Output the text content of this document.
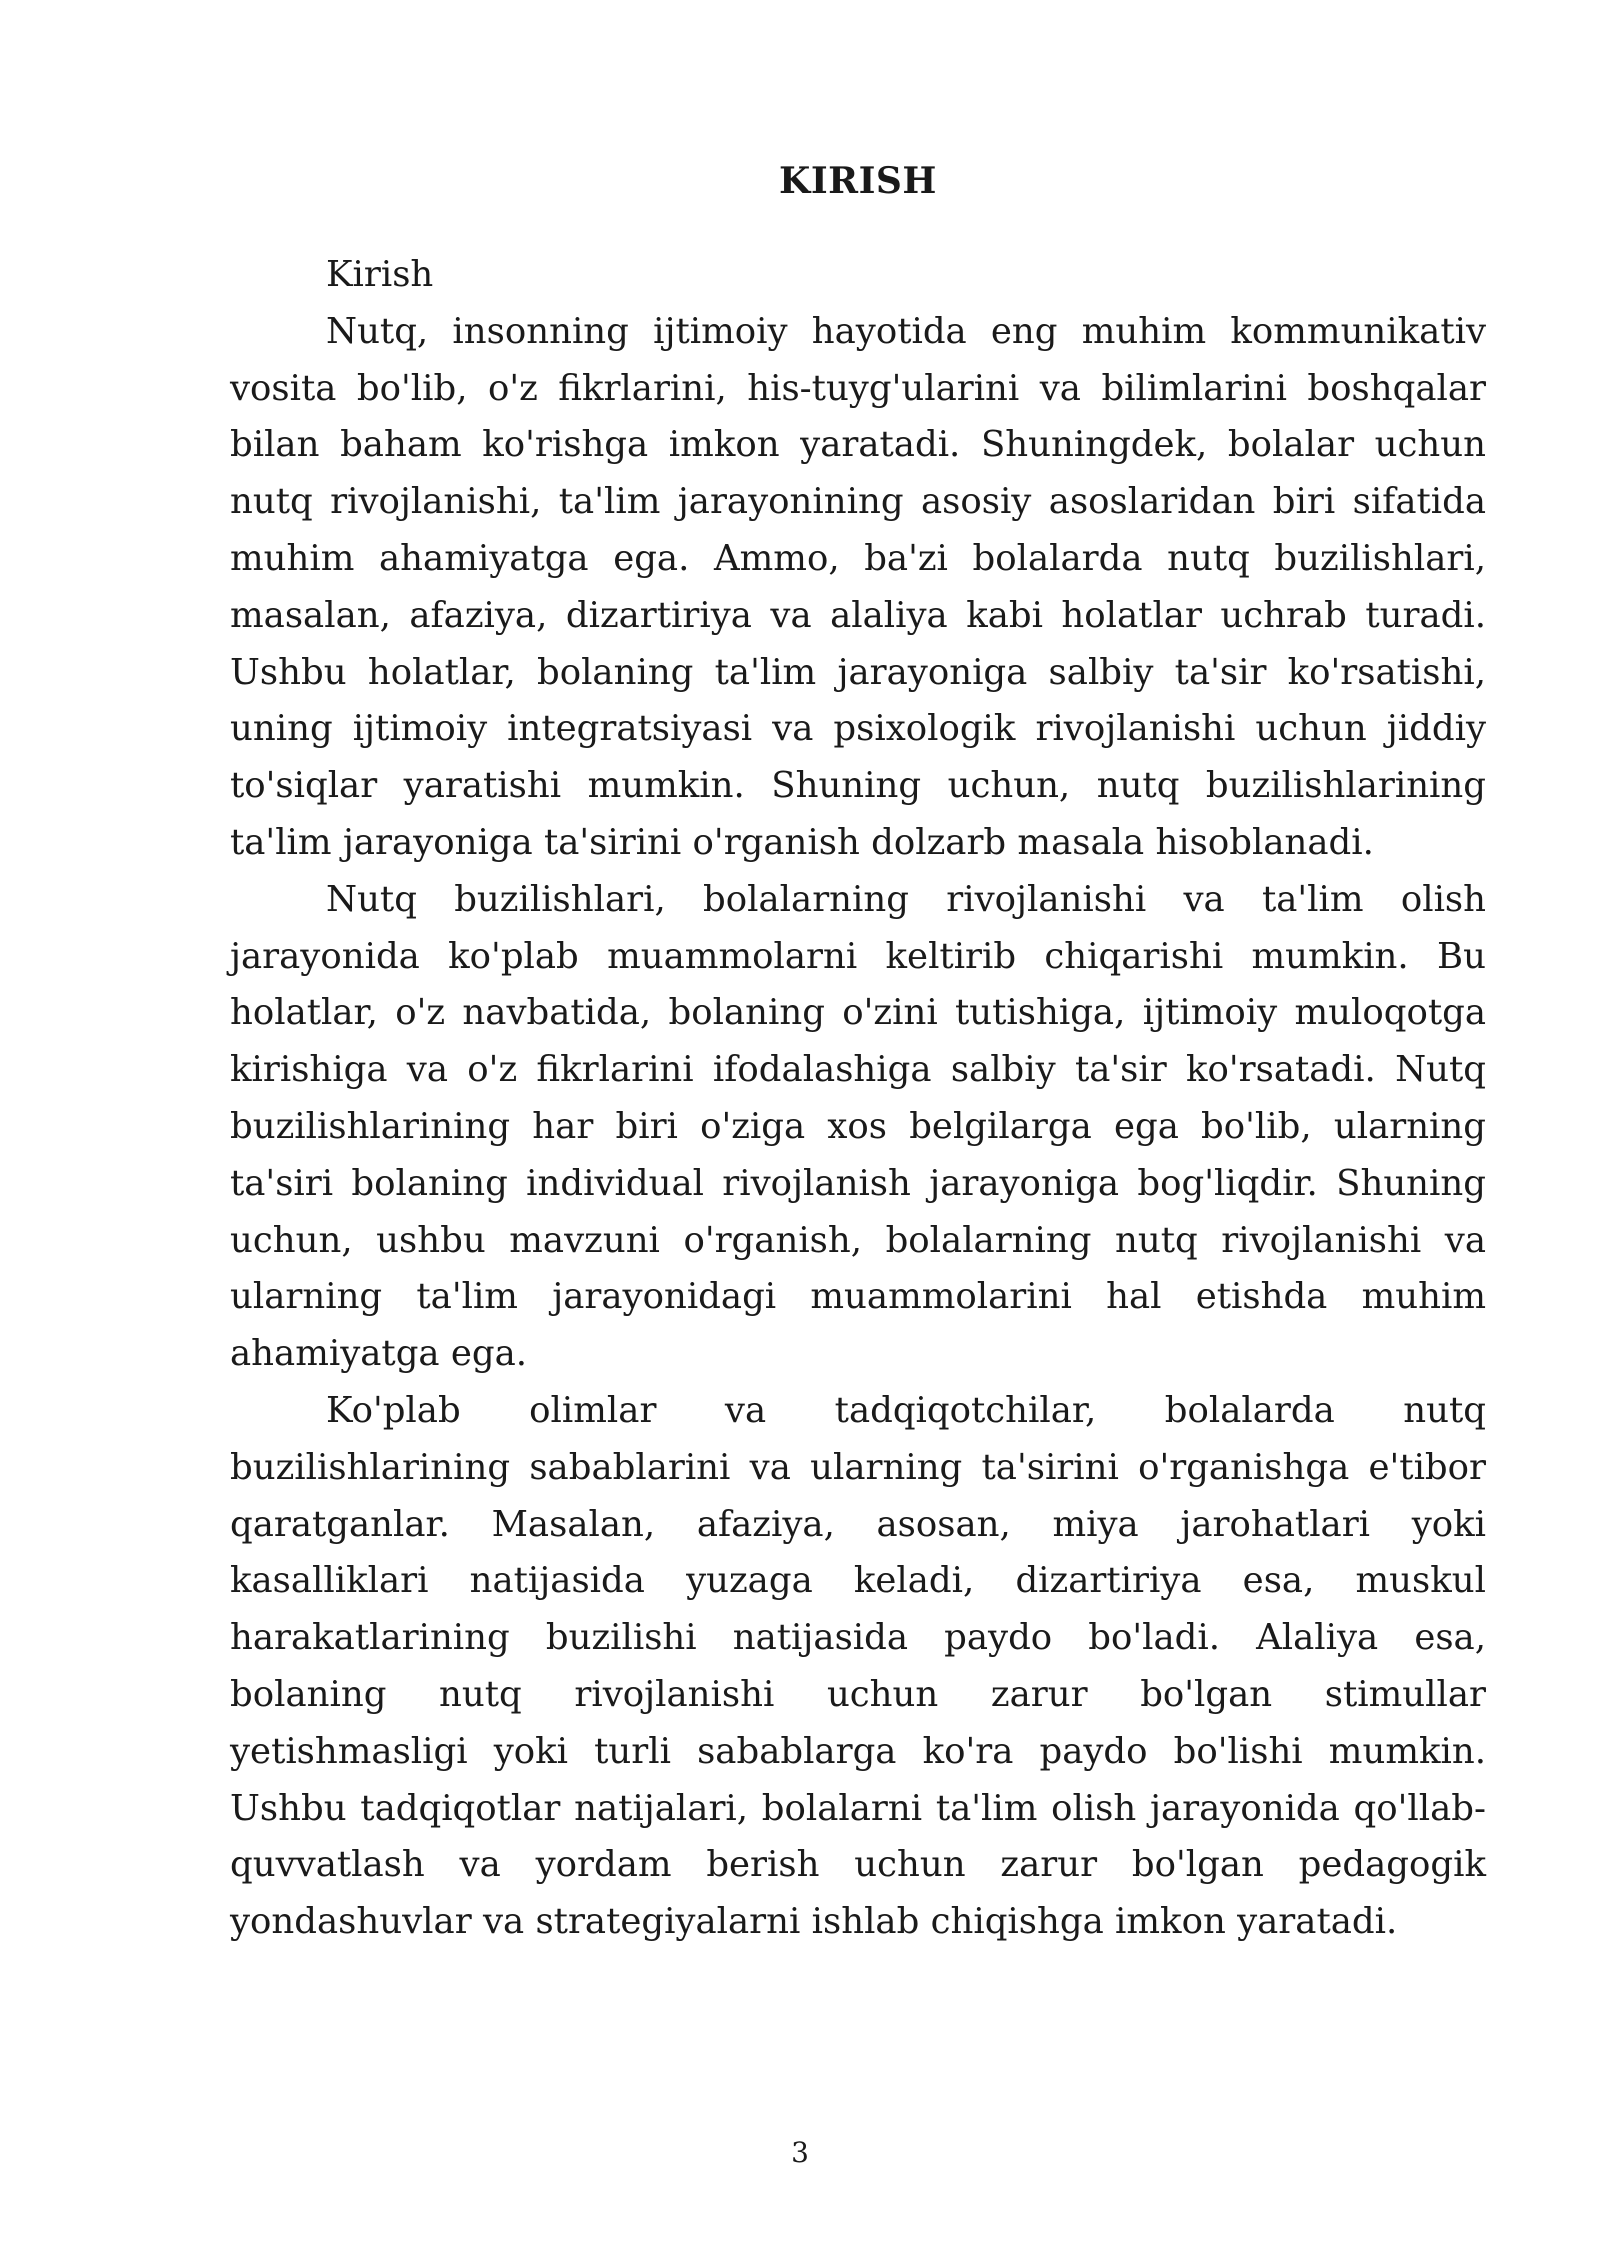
KIRISH

Kirish

Nutq, insonning ijtimoiy hayotida eng muhim kommunikativ vosita bo'lib, o'z fikrlarini, his-tuyg'ularini va bilimlarini boshqalar bilan baham ko'rishga imkon yaratadi. Shuningdek, bolalar uchun nutq rivojlanishi, ta'lim jarayonining asosiy asoslaridan biri sifatida muhim ahamiyatga ega. Ammo, ba'zi bolalarda nutq buzilishlari, masalan, afaziya, dizartiriya va alaliya kabi holatlar uchrab turadi. Ushbu holatlar, bolaning ta'lim jarayoniga salbiy ta'sir ko'rsatishi, uning ijtimoiy integratsiyasi va psixologik rivojlanishi uchun jiddiy to'siqlar yaratishi mumkin. Shuning uchun, nutq buzilishlarining ta'lim jarayoniga ta'sirini o'rganish dolzarb masala hisoblanadi.

Nutq buzilishlari, bolalarning rivojlanishi va ta'lim olish jarayonida ko'plab muammolarni keltirib chiqarishi mumkin. Bu holatlar, o'z navbatida, bolaning o'zini tutishiga, ijtimoiy muloqotga kirishiga va o'z fikrlarini ifodalashiga salbiy ta'sir ko'rsatadi. Nutq buzilishlarining har biri o'ziga xos belgilarga ega bo'lib, ularning ta'siri bolaning individual rivojlanish jarayoniga bog'liqdir. Shuning uchun, ushbu mavzuni o'rganish, bolalarning nutq rivojlanishi va ularning ta'lim jarayonidagi muammolarini hal etishda muhim ahamiyatga ega.

Ko'plab olimlar va tadqiqotchilar, bolalarda nutq buzilishlarining sabablarini va ularning ta'sirini o'rganishga e'tibor qaratganlar. Masalan, afaziya, asosan, miya jarohatlari yoki kasalliklari natijasida yuzaga keladi, dizartiriya esa, muskul harakatlarining buzilishi natijasida paydo bo'ladi. Alaliya esa, bolaning nutq rivojlanishi uchun zarur bo'lgan stimullar yetishmasligi yoki turli sabablarga ko'ra paydo bo'lishi mumkin. Ushbu tadqiqotlar natijalari, bolalarni ta'lim olish jarayonida qo'llab-quvvatlash va yordam berish uchun zarur bo'lgan pedagogik yondashuvlar va strategiyalarni ishlab chiqishga imkon yaratadi.

3
